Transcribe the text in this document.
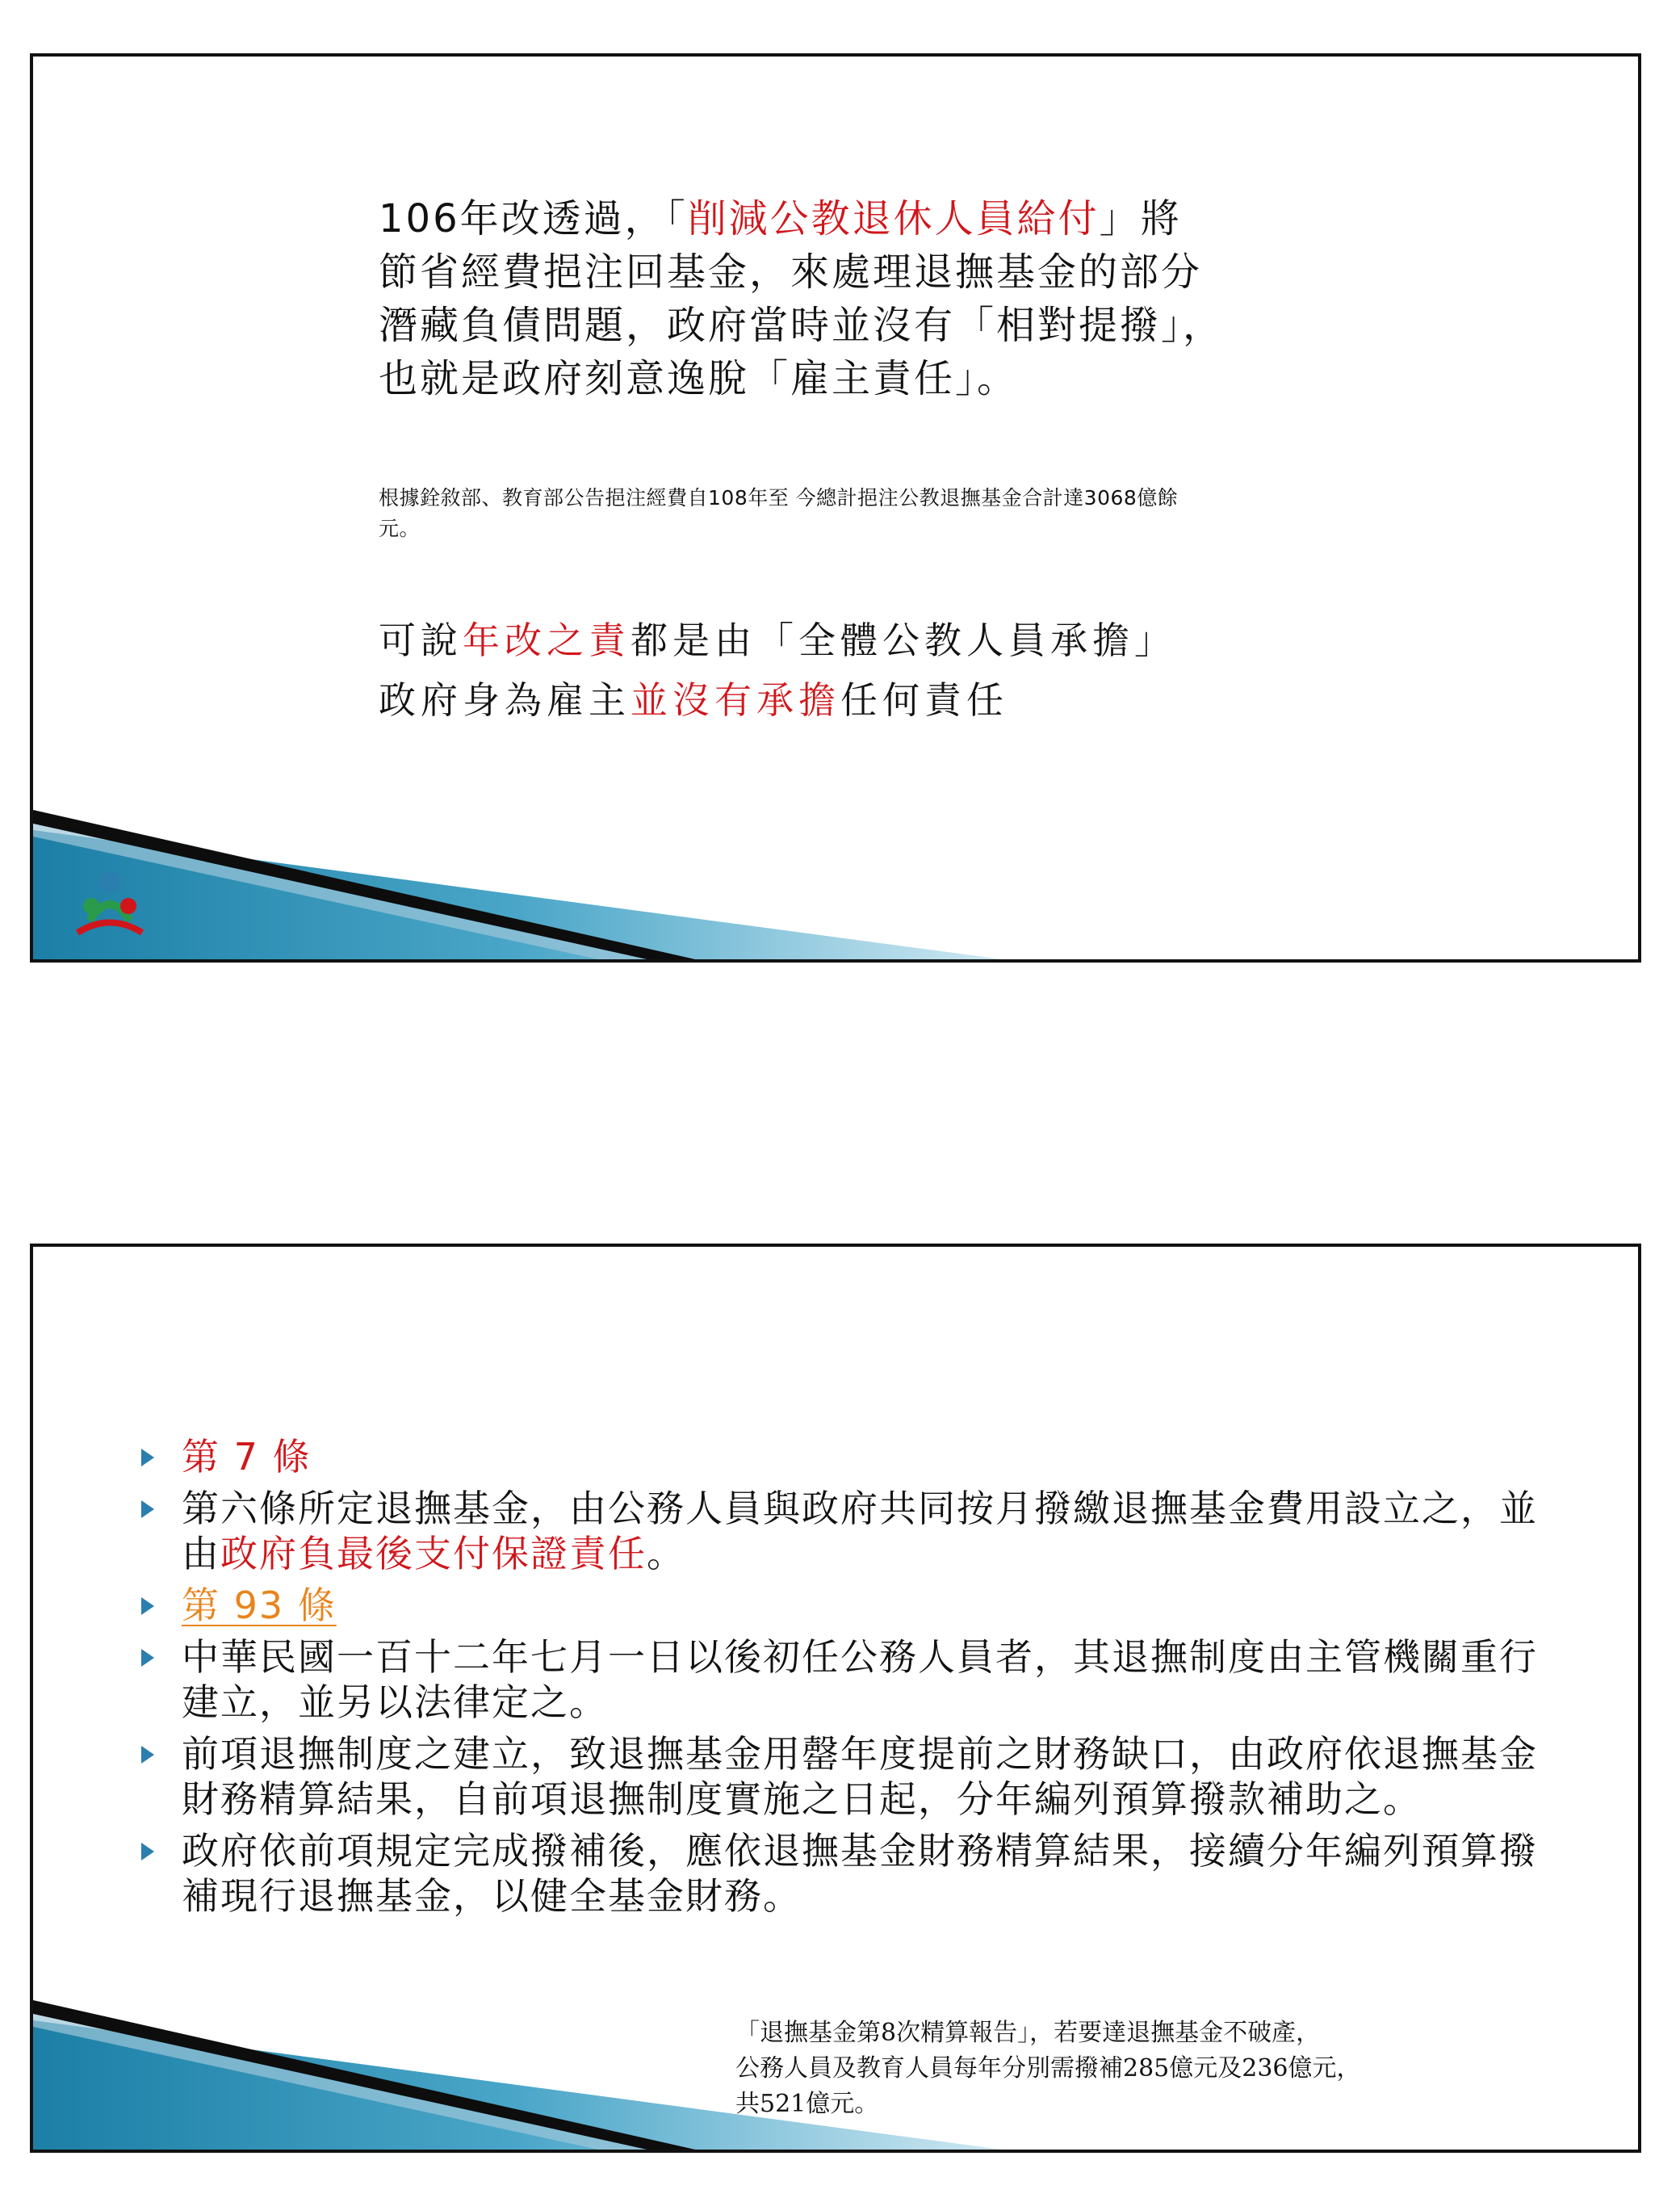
106年改透過，「削減公教退休人員給付」將
節省經費挹注回基金，來處理退撫基金的部分
潛藏負債問題，政府當時並沒有「相對提撥」，
也就是政府刻意逸脫「雇主責任」。
根據銓敘部、教育部公告挹注經費自108年至 今總計挹注公教退撫基金合計達3068億餘
元。
可說年改之責都是由「全體公教人員承擔」
政府身為雇主並沒有承擔任何責任
第 7 條
第六條所定退撫基金，由公務人員與政府共同按月撥繳退撫基金費用設立之，並由政府負最後支付保證責任。
第 93 條
中華民國一百十二年七月一日以後初任公務人員者，其退撫制度由主管機關重行建立，並另以法律定之。
前項退撫制度之建立，致退撫基金用罄年度提前之財務缺口，由政府依退撫基金財務精算結果，自前項退撫制度實施之日起，分年編列預算撥款補助之。
政府依前項規定完成撥補後，應依退撫基金財務精算結果，接續分年編列預算撥補現行退撫基金，以健全基金財務。
「退撫基金第8次精算報告」，若要達退撫基金不破產，
公務人員及教育人員每年分別需撥補285億元及236億元，
共521億元。
